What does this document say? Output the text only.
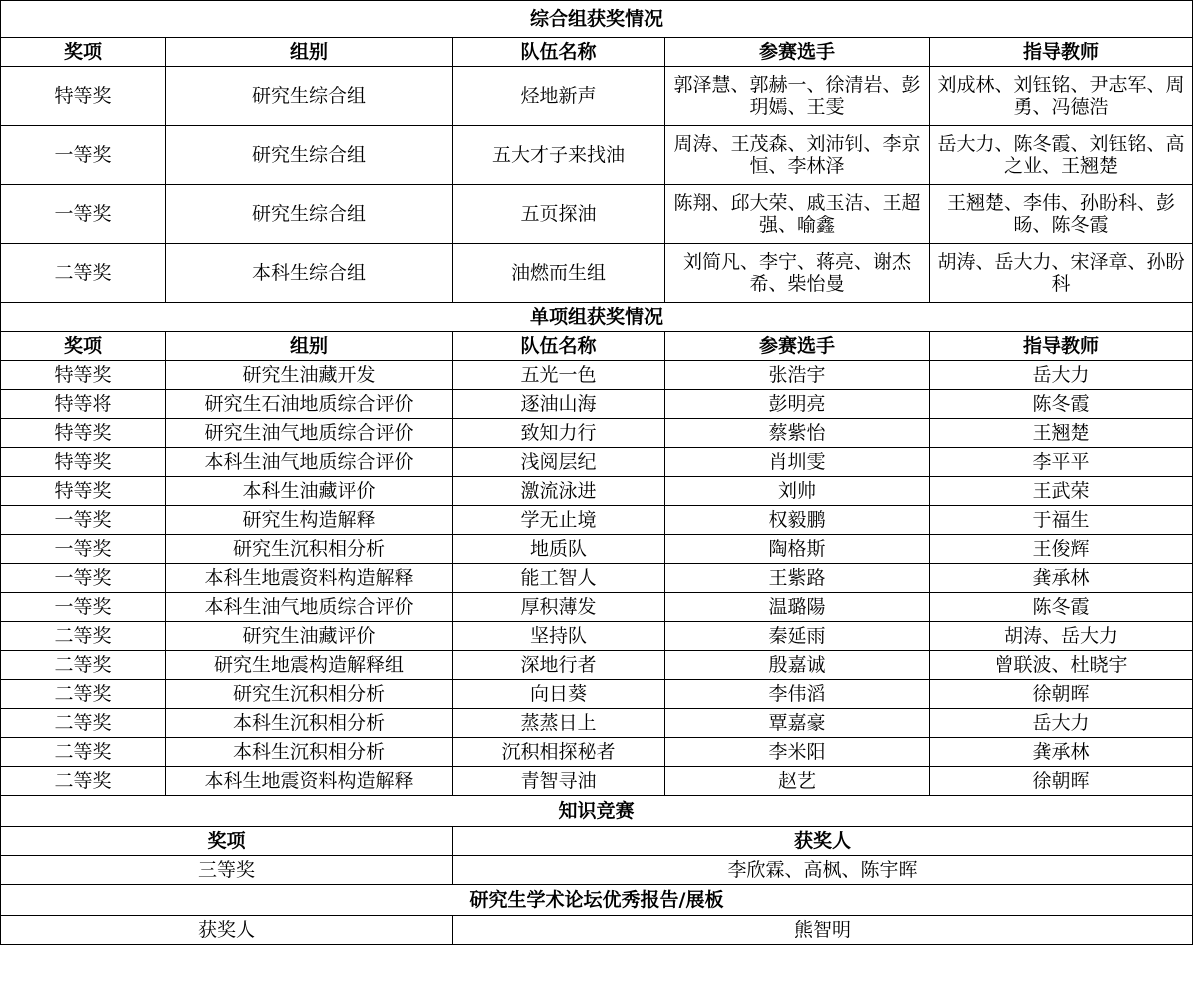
综合组获奖情况				
奖项	组别	队伍名称	参赛选手	指导教师
特等奖	研究生综合组	烃地新声	郭泽慧、郭赫一、徐清岩、彭玥嫣、王雯	刘成林、刘钰铭、尹志军、周勇、冯德浩
一等奖	研究生综合组	五大才子来找油	周涛、王茂森、刘沛钊、李京恒、李林泽	岳大力、陈冬霞、刘钰铭、高之业、王翘楚
一等奖	研究生综合组	五页探油	陈翔、邱大荣、戚玉洁、王超强、喻鑫	王翘楚、李伟、孙盼科、彭旸、陈冬霞
二等奖	本科生综合组	油燃而生组	刘简凡、李宁、蒋亮、谢杰希、柴怡曼	胡涛、岳大力、宋泽章、孙盼科
单项组获奖情况				
奖项	组别	队伍名称	参赛选手	指导教师
特等奖	研究生油藏开发	五光一色	张浩宇	岳大力
特等将	研究生石油地质综合评价	逐油山海	彭明亮	陈冬霞
特等奖	研究生油气地质综合评价	致知力行	蔡紫怡	王翘楚
特等奖	本科生油气地质综合评价	浅阅层纪	肖圳雯	李平平
特等奖	本科生油藏评价	激流泳进	刘帅	王武荣
一等奖	研究生构造解释	学无止境	权毅鹏	于福生
一等奖	研究生沉积相分析	地质队	陶格斯	王俊辉
一等奖	本科生地震资料构造解释	能工智人	王紫路	龚承林
一等奖	本科生油气地质综合评价	厚积薄发	温璐陽	陈冬霞
二等奖	研究生油藏评价	坚持队	秦延雨	胡涛、岳大力
二等奖	研究生地震构造解释组	深地行者	殷嘉诚	曾联波、杜晓宇
二等奖	研究生沉积相分析	向日葵	李伟滔	徐朝晖
二等奖	本科生沉积相分析	蒸蒸日上	覃嘉豪	岳大力
二等奖	本科生沉积相分析	沉积相探秘者	李米阳	龚承林
二等奖	本科生地震资料构造解释	青智寻油	赵艺	徐朝晖
知识竞赛				
奖项		获奖人		
三等奖		李欣霖、高枫、陈宇晖		
研究生学术论坛优秀报告/展板				
获奖人		熊智明		
